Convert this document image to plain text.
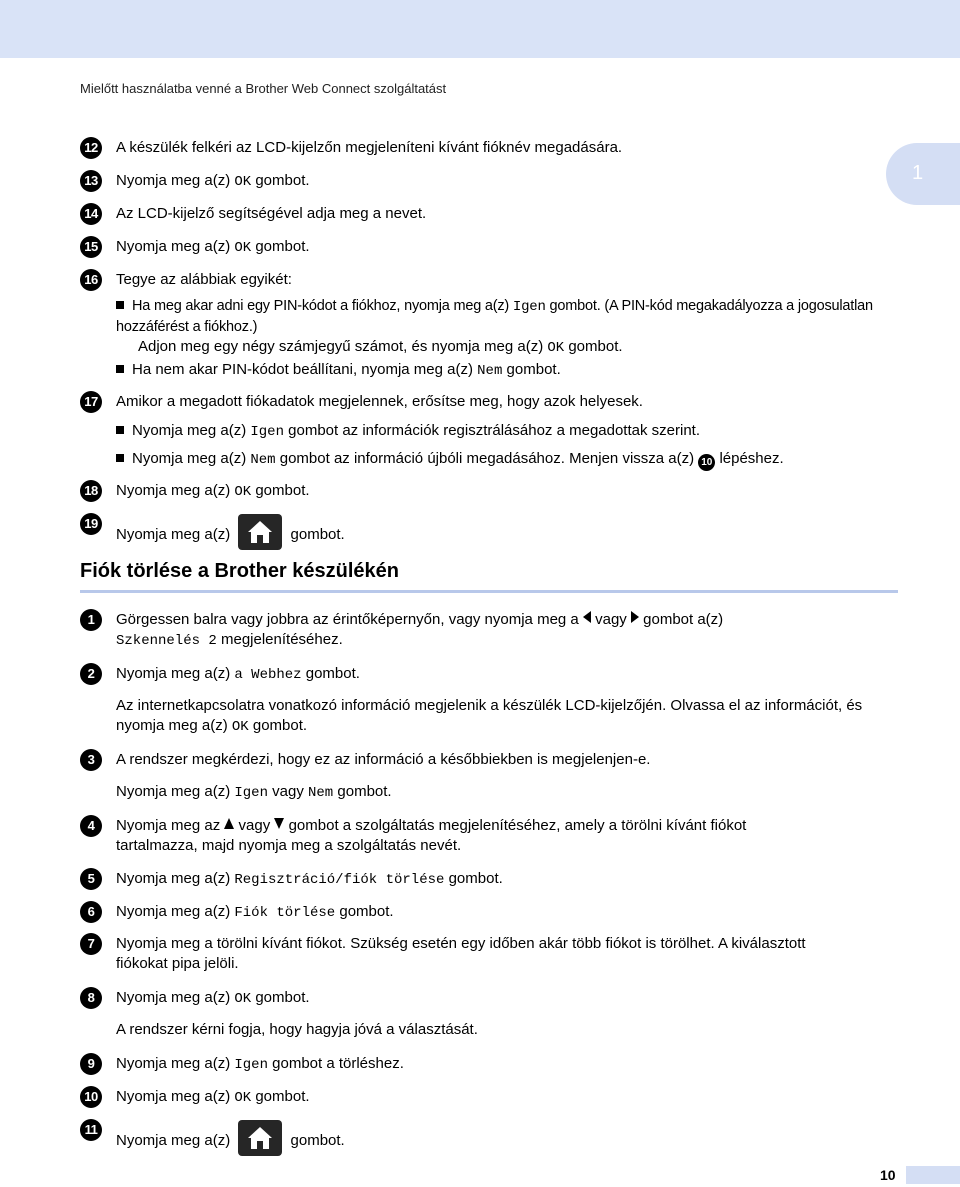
Mielőtt használatba venné a Brother Web Connect szolgáltatást
1
12 A készülék felkéri az LCD-kijelzőn megjeleníteni kívánt fióknév megadására.
13 Nyomja meg a(z) OK gombot.
14 Az LCD-kijelző segítségével adja meg a nevet.
15 Nyomja meg a(z) OK gombot.
16 Tegye az alábbiak egyikét:
Ha meg akar adni egy PIN-kódot a fiókhoz, nyomja meg a(z) Igen gombot. (A PIN-kód megakadályozza a jogosulatlan hozzáférést a fiókhoz.)
Adjon meg egy négy számjegyű számot, és nyomja meg a(z) OK gombot.
Ha nem akar PIN-kódot beállítani, nyomja meg a(z) Nem gombot.
17 Amikor a megadott fiókadatok megjelennek, erősítse meg, hogy azok helyesek.
Nyomja meg a(z) Igen gombot az információk regisztrálásához a megadottak szerint.
Nyomja meg a(z) Nem gombot az információ újbóli megadásához. Menjen vissza a(z) 10 lépéshez.
18 Nyomja meg a(z) OK gombot.
19
Nyomja meg a(z)	gombot.
Fiók törlése a Brother készülékén
1	Görgessen balra vagy jobbra az érintőképernyőn, vagy nyomja meg a  vagy  gombot a(z)
Szkennelés 2 megjelenítéséhez.
2	Nyomja meg a(z) a Webhez gombot.
Az internetkapcsolatra vonatkozó információ megjelenik a készülék LCD-kijelzőjén. Olvassa el az információt, és nyomja meg a(z) OK gombot.
3	A rendszer megkérdezi, hogy ez az információ a későbbiekben is megjelenjen-e.
Nyomja meg a(z) Igen vagy Nem gombot.
4	Nyomja meg az  vagy  gombot a szolgáltatás megjelenítéséhez, amely a törölni kívánt fiókot
tartalmazza, majd nyomja meg a szolgáltatás nevét.
5	Nyomja meg a(z) Regisztráció/fiók törlése gombot.
6	Nyomja meg a(z) Fiók törlése gombot.
7	Nyomja meg a törölni kívánt fiókot. Szükség esetén egy időben akár több fiókot is törölhet. A kiválasztott
fiókokat pipa jelöli.
8	Nyomja meg a(z) OK gombot.
A rendszer kérni fogja, hogy hagyja jóvá a választását.
9	Nyomja meg a(z) Igen gombot a törléshez.
10 Nyomja meg a(z) OK gombot.
11
Nyomja meg a(z)	gombot.
10
